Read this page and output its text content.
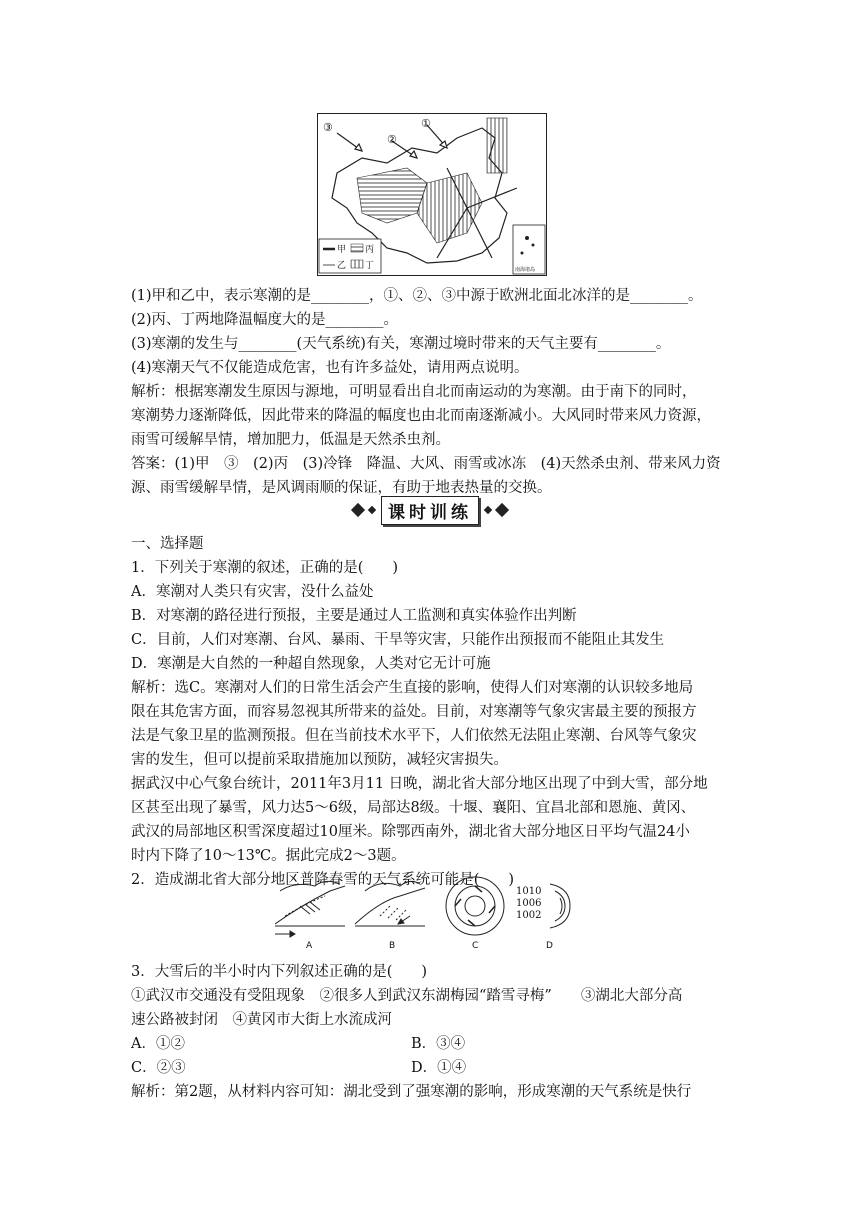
③
②
①
甲 丙
乙 丁	南海诸岛
(1)甲和乙中，表示寒潮的是________，①、②、③中源于欧洲北面北冰洋的是________。
(2)丙、丁两地降温幅度大的是________。
(3)寒潮的发生与________(天气系统)有关，寒潮过境时带来的天气主要有________。
(4)寒潮天气不仅能造成危害，也有许多益处，请用两点说明。
解析：根据寒潮发生原因与源地，可明显看出自北而南运动的为寒潮。由于南下的同时，
寒潮势力逐渐降低，因此带来的降温的幅度也由北而南逐渐减小。大风同时带来风力资源，
雨雪可缓解旱情，增加肥力，低温是天然杀虫剂。
答案：(1)甲　③　(2)丙　(3)冷锋　降温、大风、雨雪或冰冻　(4)天然杀虫剂、带来风力资
源、雨雪缓解旱情，是风调雨顺的保证，有助于地表热量的交换。
课时训练
一、选择题
1．下列关于寒潮的叙述，正确的是(　　)
A．寒潮对人类只有灾害，没什么益处
B．对寒潮的路径进行预报，主要是通过人工监测和真实体验作出判断
C．目前，人们对寒潮、台风、暴雨、干旱等灾害，只能作出预报而不能阻止其发生
D．寒潮是大自然的一种超自然现象，人类对它无计可施
解析：选C。寒潮对人们的日常生活会产生直接的影响，使得人们对寒潮的认识较多地局
限在其危害方面，而容易忽视其所带来的益处。目前，对寒潮等气象灾害最主要的预报方
法是气象卫星的监测预报。但在当前技术水平下，人们依然无法阻止寒潮、台风等气象灾
害的发生，但可以提前采取措施加以预防，减轻灾害损失。
据武汉中心气象台统计，2011年3月11 日晚，湖北省大部分地区出现了中到大雪，部分地
区甚至出现了暴雪，风力达5～6级，局部达8级。十堰、襄阳、宜昌北部和恩施、黄冈、
武汉的局部地区积雪深度超过10厘米。除鄂西南外，湖北省大部分地区日平均气温24小
时内下降了10～13℃。据此完成2～3题。
2．造成湖北省大部分地区普降春雪的天气系统可能是(　　)
1010
1006
1002
A	B	C	D
3．大雪后的半小时内下列叙述正确的是(　　)
①武汉市交通没有受阻现象　②很多人到武汉东湖梅园“踏雪寻梅”　　③湖北大部分高
速公路被封闭　④黄冈市大街上水流成河
A．①②	B．③④
C．②③	D．①④
解析：第2题，从材料内容可知：湖北受到了强寒潮的影响，形成寒潮的天气系统是快行
